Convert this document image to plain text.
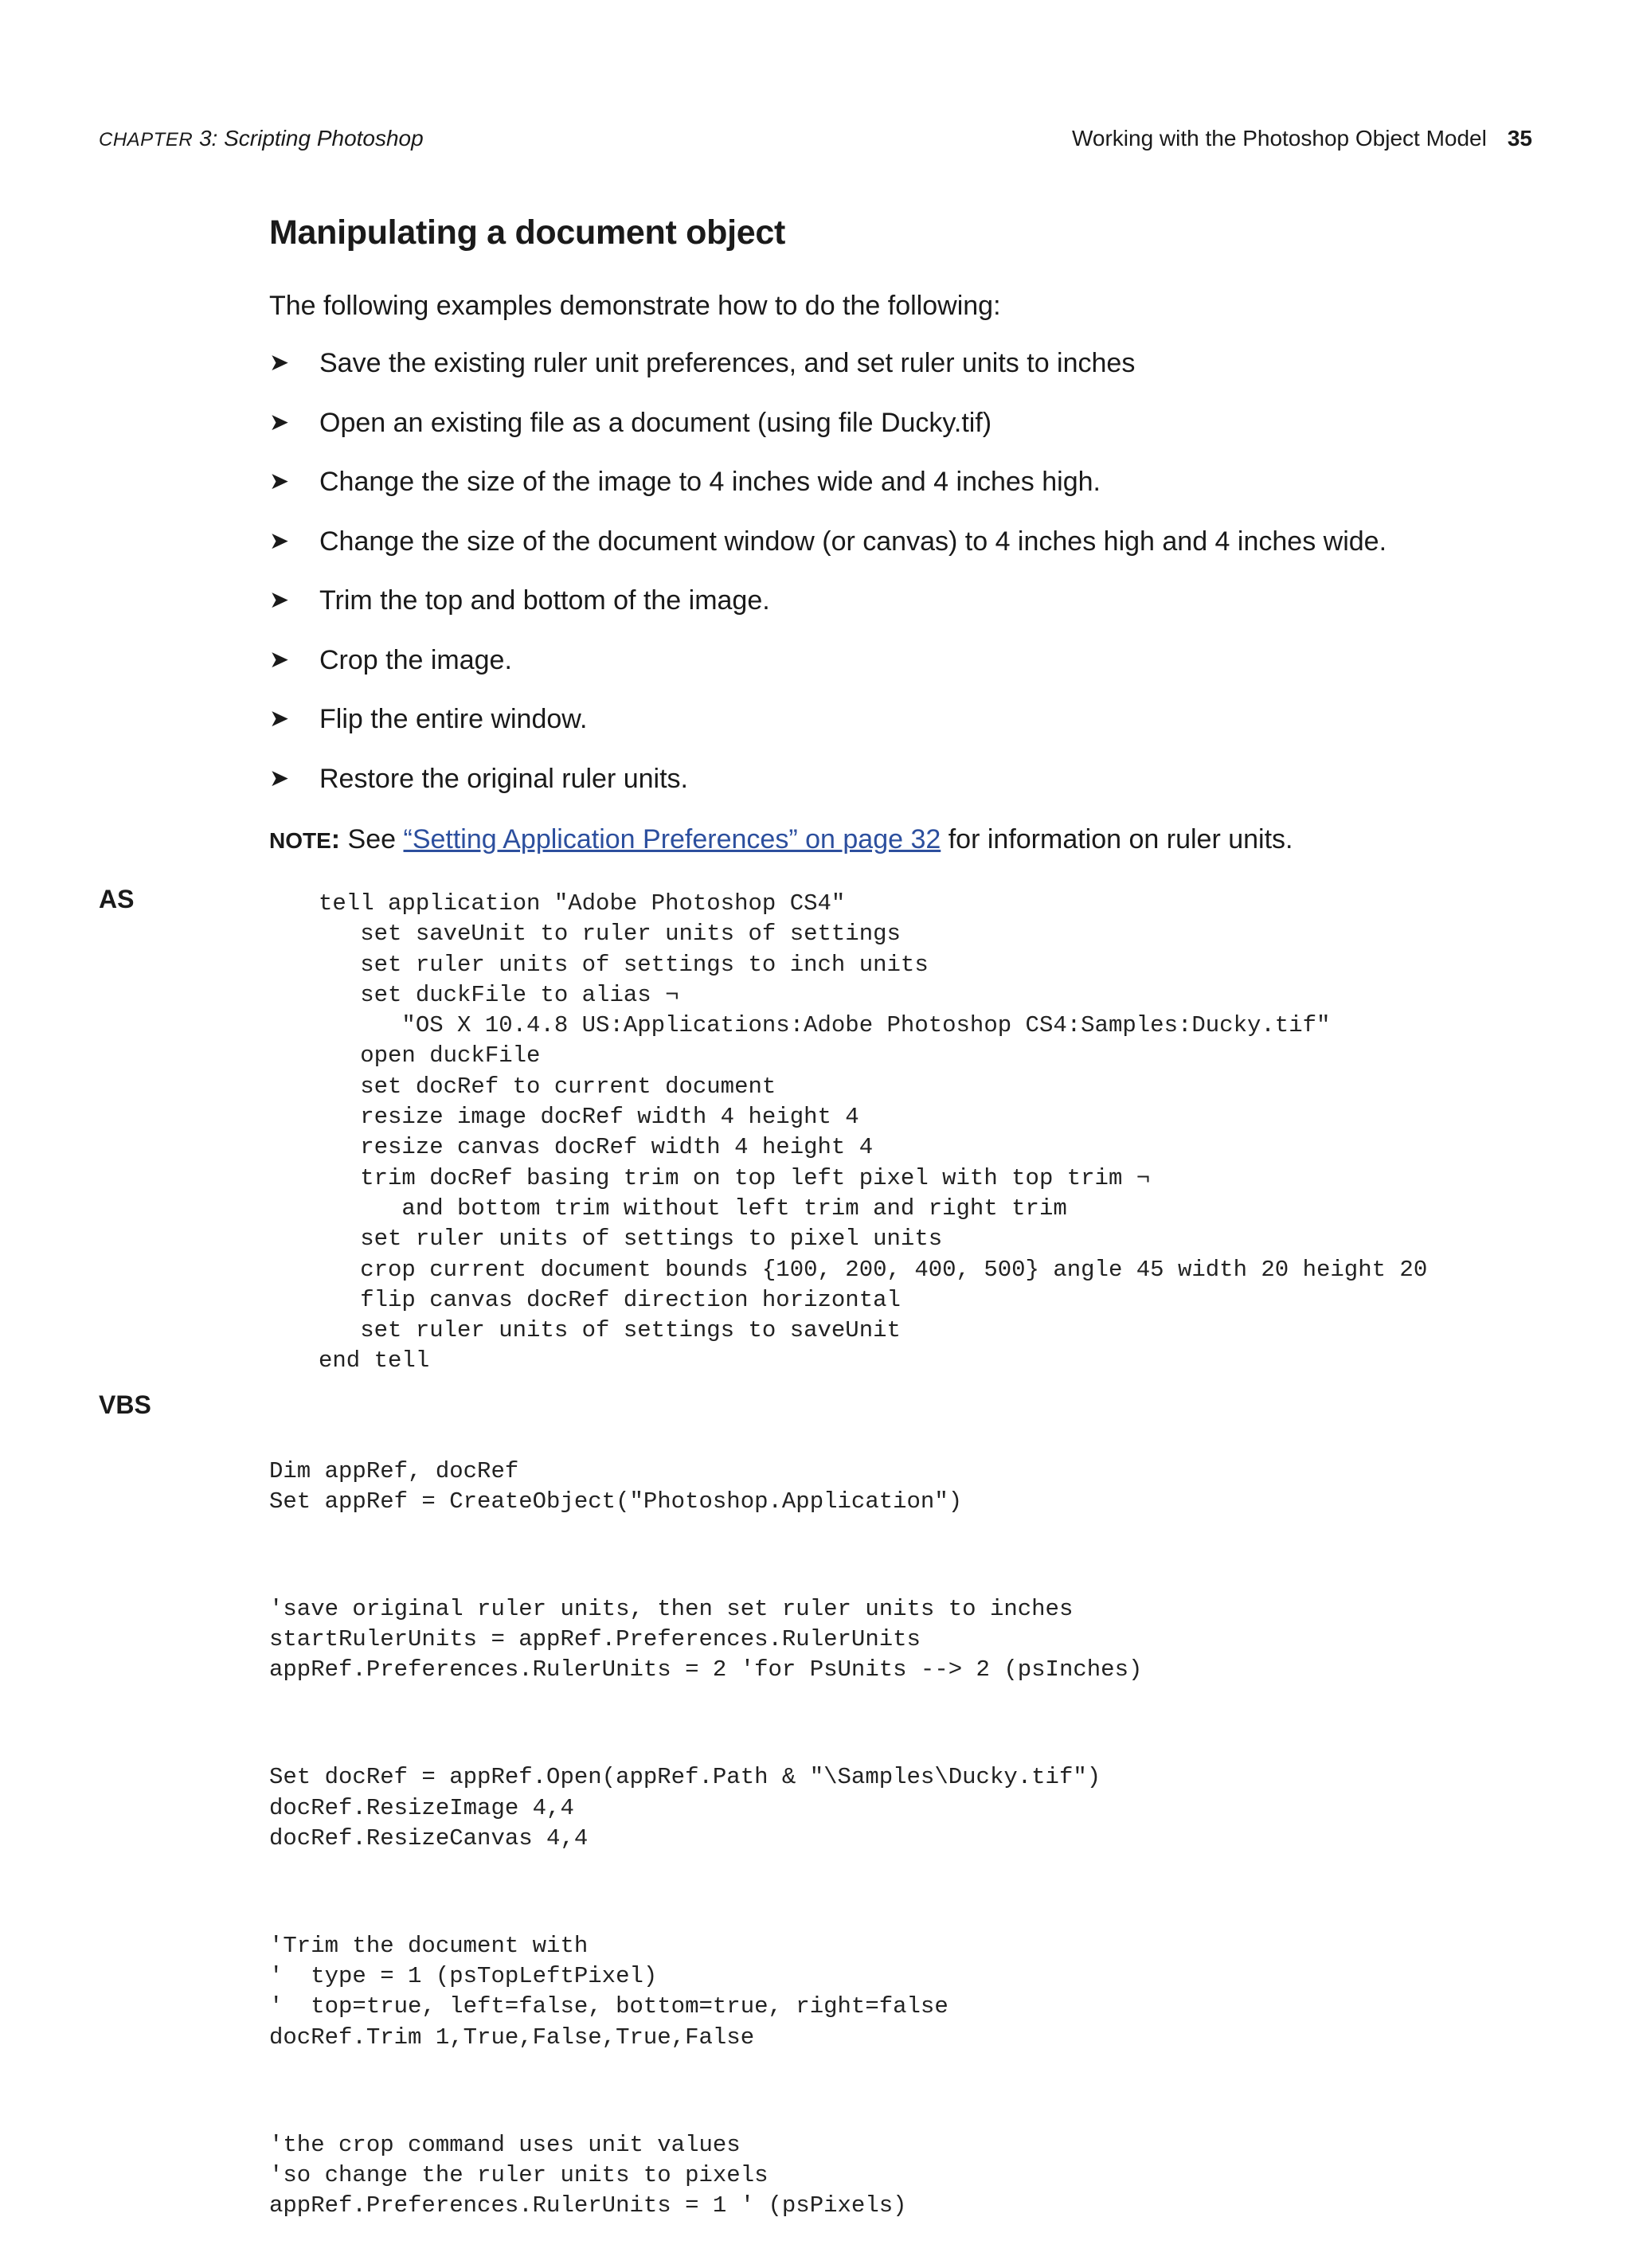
CHAPTER 3: Scripting Photoshop	Working with the Photoshop Object Model 35
Manipulating a document object

The following examples demonstrate how to do the following:

➤ Save the existing ruler unit preferences, and set ruler units to inches
➤ Open an existing file as a document (using file Ducky.tif)
➤ Change the size of the image to 4 inches wide and 4 inches high.
➤ Change the size of the document window (or canvas) to 4 inches high and 4 inches wide.
➤ Trim the top and bottom of the image.
➤ Crop the image.
➤ Flip the entire window.
➤ Restore the original ruler units.
NOTE: See “Setting Application Preferences” on page 32 for information on ruler units.
AS	tell application "Adobe Photoshop CS4"
set saveUnit to ruler units of settings
set ruler units of settings to inch units
set duckFile to alias ¬
"OS X 10.4.8 US:Applications:Adobe Photoshop CS4:Samples:Ducky.tif"
open duckFile
set docRef to current document
resize image docRef width 4 height 4
resize canvas docRef width 4 height 4
trim docRef basing trim on top left pixel with top trim ¬
and bottom trim without left trim and right trim
set ruler units of settings to pixel units
crop current document bounds {100, 200, 400, 500} angle 45 width 20 height 20
flip canvas docRef direction horizontal
set ruler units of settings to saveUnit
end tell
VBS

Dim appRef, docRef
Set appRef = CreateObject("Photoshop.Application")

'save original ruler units, then set ruler units to inches
startRulerUnits = appRef.Preferences.RulerUnits
appRef.Preferences.RulerUnits = 2 'for PsUnits --> 2 (psInches)

Set docRef = appRef.Open(appRef.Path & "\Samples\Ducky.tif")
docRef.ResizeImage 4,4
docRef.ResizeCanvas 4,4

'Trim the document with
'  type = 1 (psTopLeftPixel)
'  top=true, left=false, bottom=true, right=false
docRef.Trim 1,True,False,True,False

'the crop command uses unit values
'so change the ruler units to pixels
appRef.Preferences.RulerUnits = 1 ' (psPixels)
